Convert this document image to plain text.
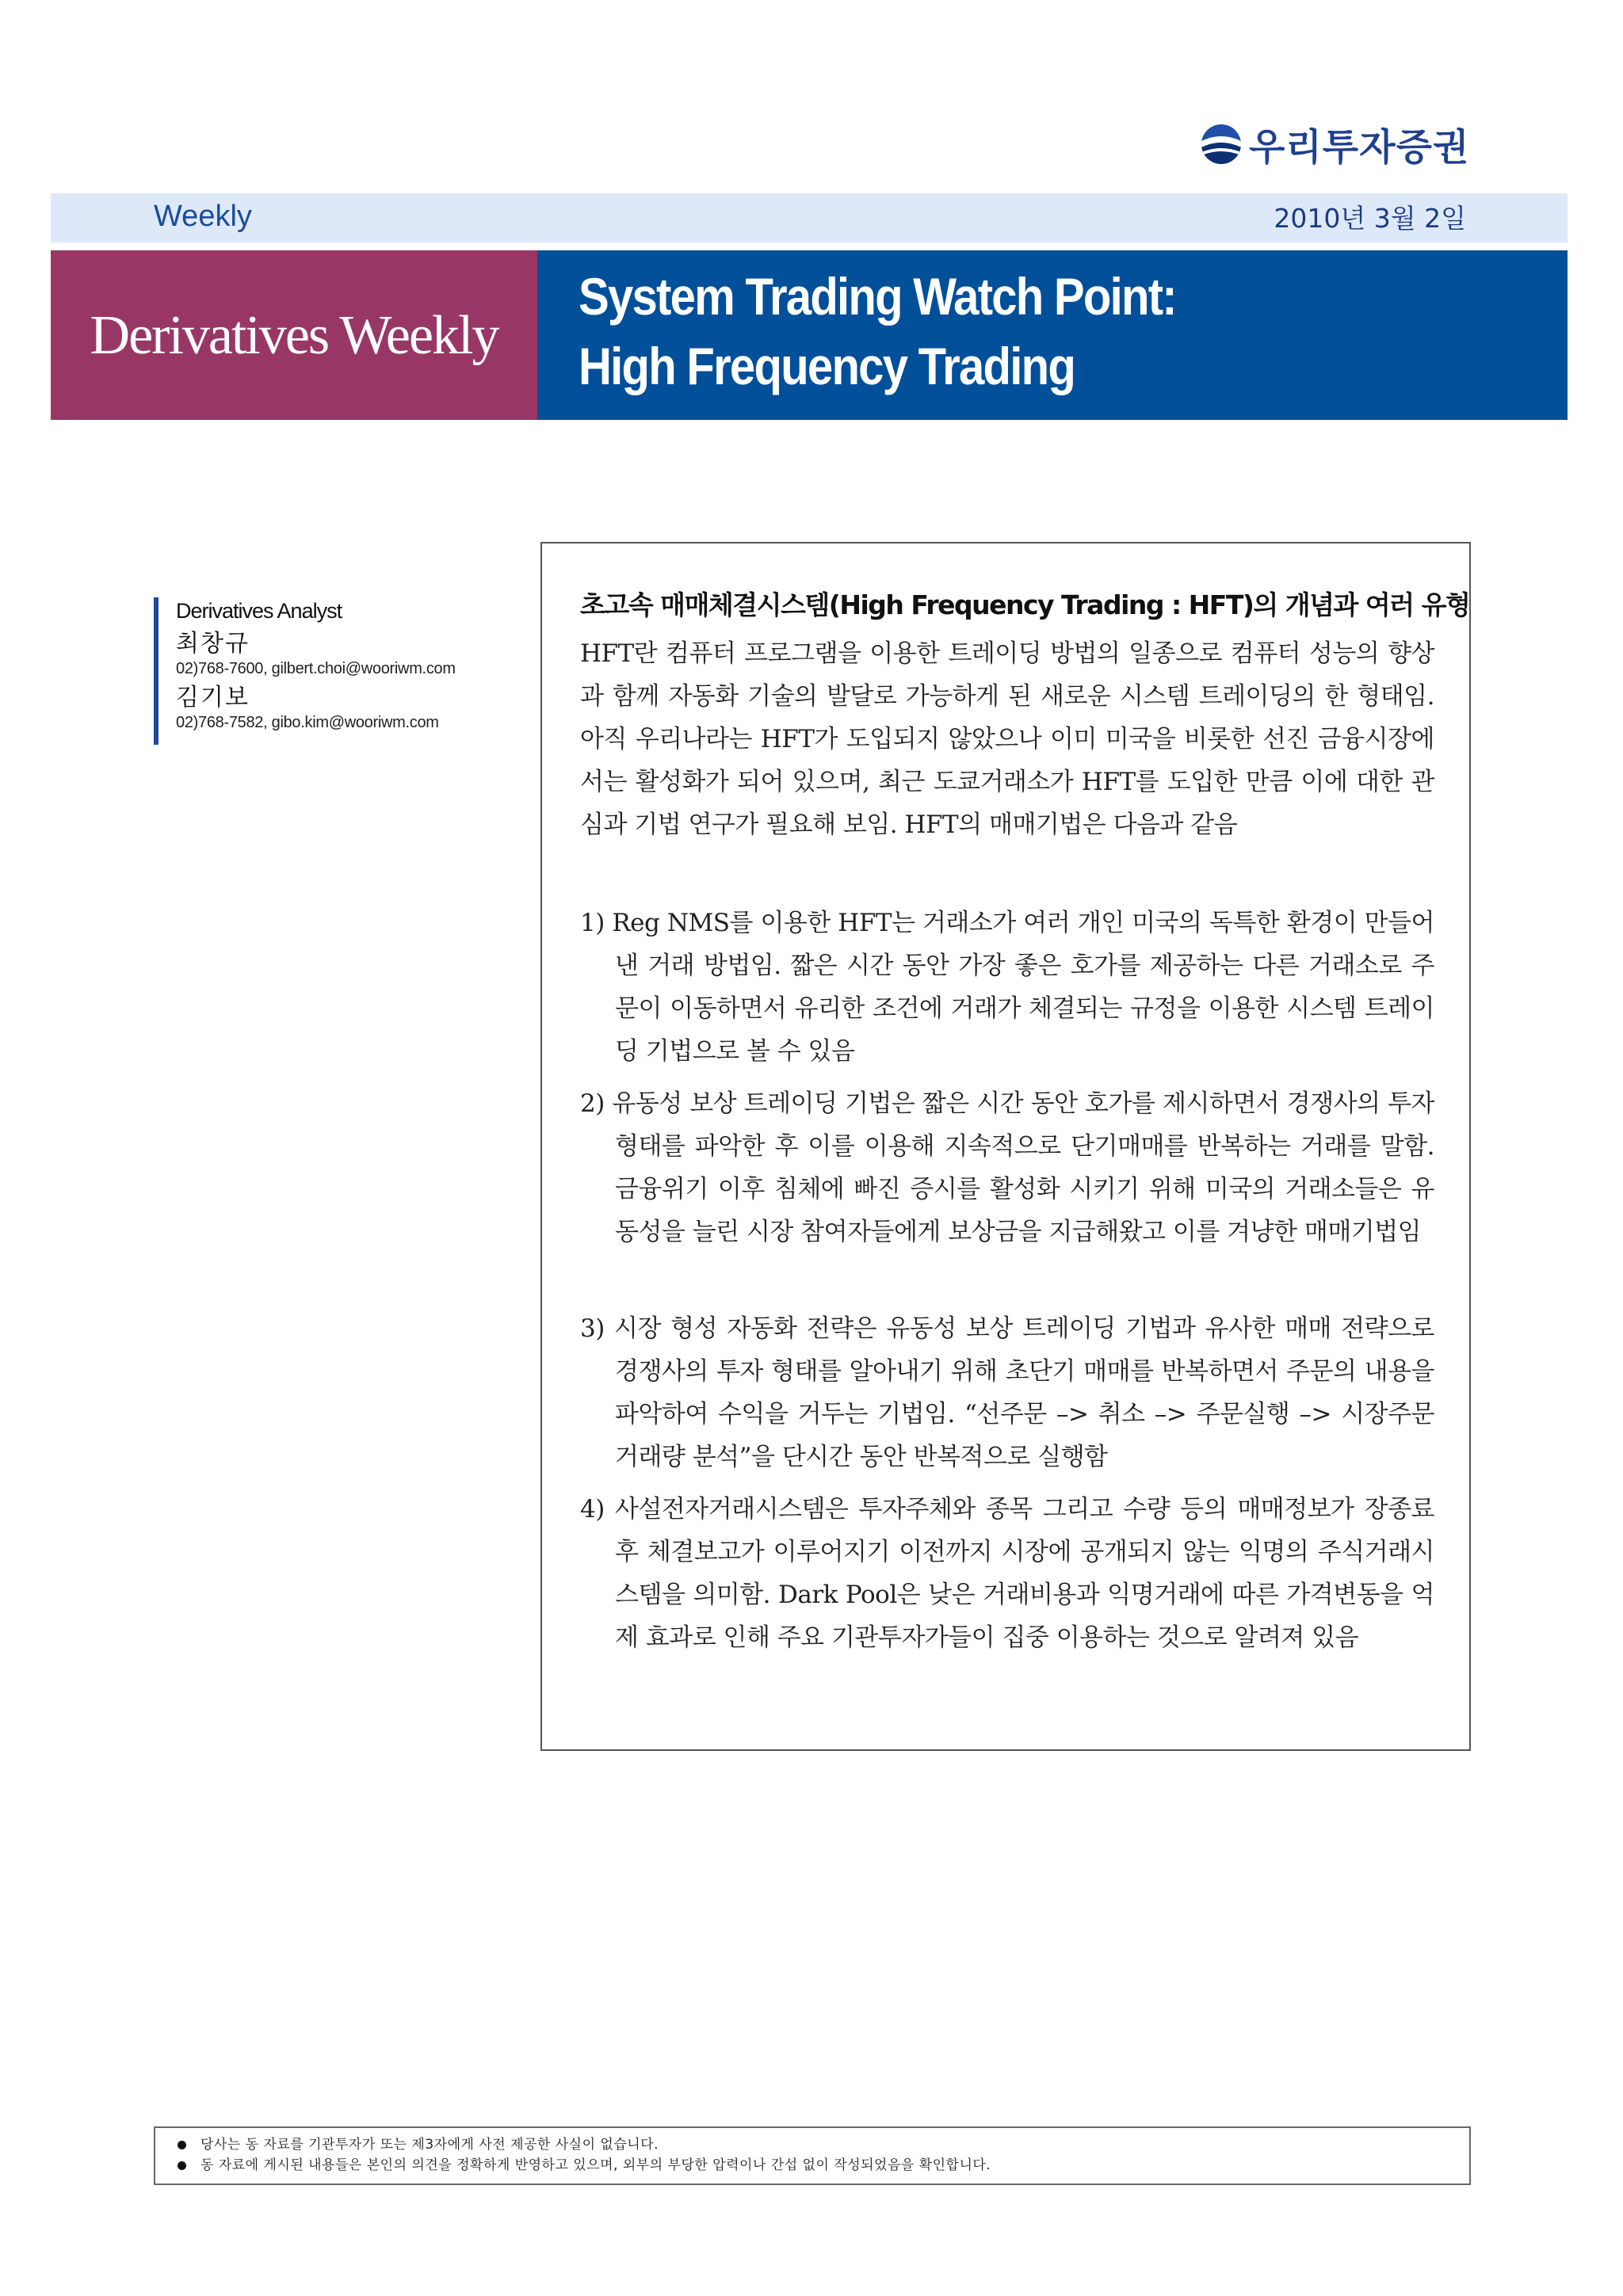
우리투자증권
Weekly	2010년 3월 2일
Derivatives Weekly
System Trading Watch Point:
High Frequency Trading
Derivatives Analyst
최창규
02)768-7600, gilbert.choi@wooriwm.com
김기보
02)768-7582, gibo.kim@wooriwm.com
초고속 매매체결시스템(High Frequency Trading : HFT)의 개념과 여러 유형
HFT란 컴퓨터 프로그램을 이용한 트레이딩 방법의 일종으로 컴퓨터 성능의 향상과 함께 자동화 기술의 발달로 가능하게 된 새로운 시스템 트레이딩의 한 형태임. 아직 우리나라는 HFT가 도입되지 않았으나 이미 미국을 비롯한 선진 금융시장에서는 활성화가 되어 있으며, 최근 도쿄거래소가 HFT를 도입한 만큼 이에 대한 관심과 기법 연구가 필요해 보임. HFT의 매매기법은 다음과 같음
1) Reg NMS를 이용한 HFT는 거래소가 여러 개인 미국의 독특한 환경이 만들어낸 거래 방법임. 짧은 시간 동안 가장 좋은 호가를 제공하는 다른 거래소로 주문이 이동하면서 유리한 조건에 거래가 체결되는 규정을 이용한 시스템 트레이딩 기법으로 볼 수 있음
2) 유동성 보상 트레이딩 기법은 짧은 시간 동안 호가를 제시하면서 경쟁사의 투자형태를 파악한 후 이를 이용해 지속적으로 단기매매를 반복하는 거래를 말함. 금융위기 이후 침체에 빠진 증시를 활성화 시키기 위해 미국의 거래소들은 유동성을 늘린 시장 참여자들에게 보상금을 지급해왔고 이를 겨냥한 매매기법임
3) 시장 형성 자동화 전략은 유동성 보상 트레이딩 기법과 유사한 매매 전략으로 경쟁사의 투자 형태를 알아내기 위해 초단기 매매를 반복하면서 주문의 내용을 파악하여 수익을 거두는 기법임. “선주문 –> 취소 –> 주문실행 –> 시장주문거래량 분석”을 단시간 동안 반복적으로 실행함
4) 사설전자거래시스템은 투자주체와 종목 그리고 수량 등의 매매정보가 장종료 후 체결보고가 이루어지기 이전까지 시장에 공개되지 않는 익명의 주식거래시스템을 의미함. Dark Pool은 낮은 거래비용과 익명거래에 따른 가격변동을 억제 효과로 인해 주요 기관투자가들이 집중 이용하는 것으로 알려져 있음
당사는 동 자료를 기관투자가 또는 제3자에게 사전 제공한 사실이 없습니다.
동 자료에 게시된 내용들은 본인의 의견을 정확하게 반영하고 있으며, 외부의 부당한 압력이나 간섭 없이 작성되었음을 확인합니다.
